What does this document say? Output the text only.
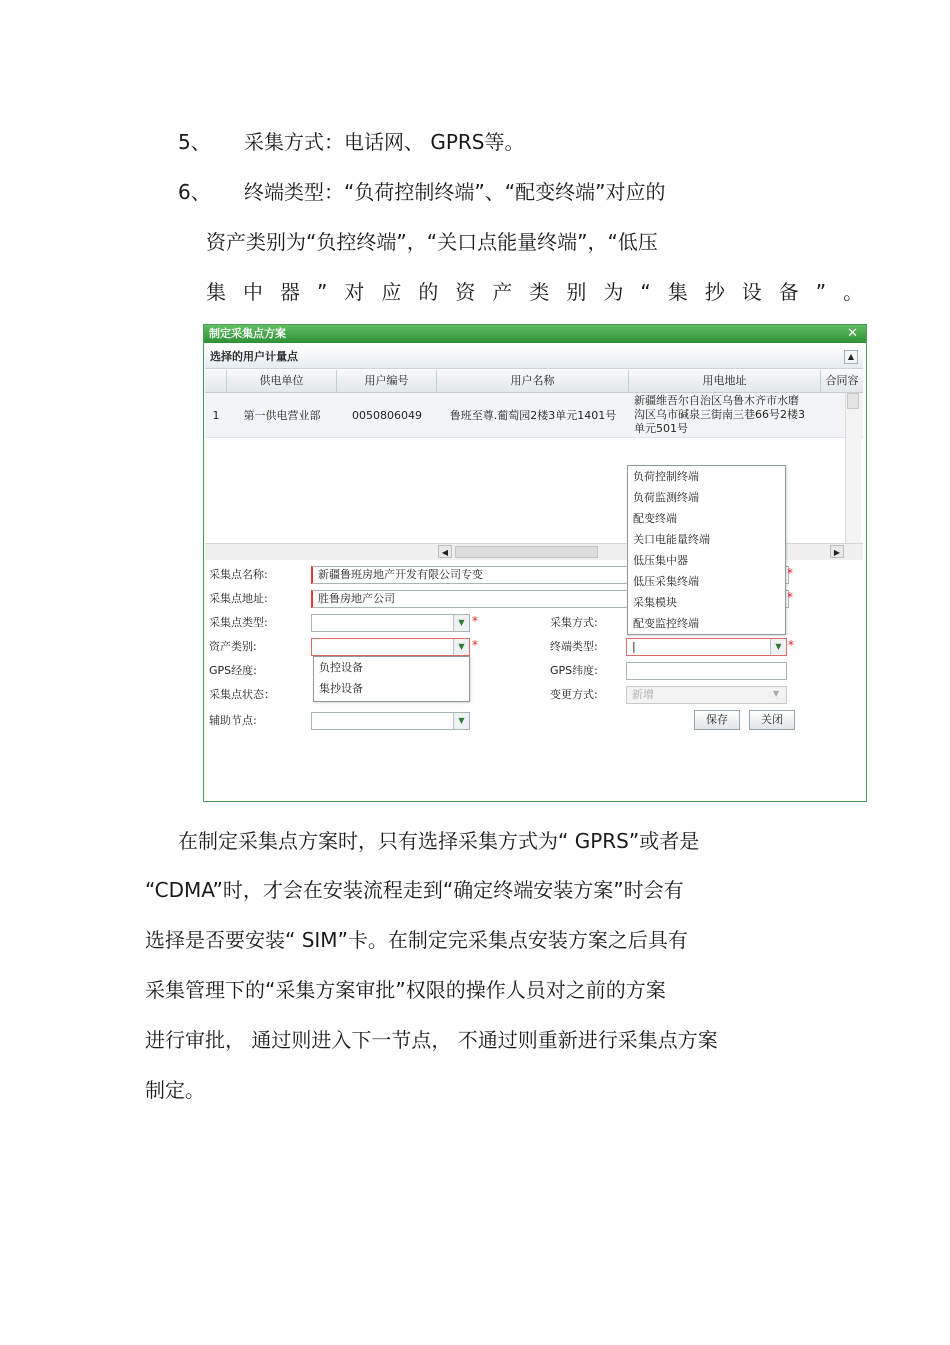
5、 采集方式：电话网、 GPRS等。
6、 终端类型：“负荷控制终端”、“配变终端”对应的
资产类别为“负控终端”，“关口点能量终端”，“低压
集中器”对应的资产类别为“集抄设备”。
制定采集点方案	✕
选择的用户计量点	▲
供电单位	用户编号	用户名称	用电地址	合同容
1	第一供电营业部	0050806049	鲁班至尊.葡萄园2楼3单元1401号
新疆维吾尔自治区乌鲁木齐市水磨
沟区乌市碱泉三街南三巷66号2楼3
单元501号
◀	▶
采集点名称:	新疆鲁班房地产开发有限公司专变	*
采集点地址:	胜鲁房地产公司	*
采集点类型:	▼ *
资产类别:	▼ *
GPS经度:
采集点状态：
辅助节点:	▼
负控设备
集抄设备
采集方式:
终端类型:	|	▼ *
GPS纬度:
变更方式:	新增	▼
保存	关闭
负荷控制终端
负荷监测终端
配变终端
关口电能量终端
低压集中器
低压采集终端
采集模块
配变监控终端
在制定采集点方案时，只有选择采集方式为“ GPRS”或者是
“CDMA”时，才会在安装流程走到“确定终端安装方案”时会有
选择是否要安装“ SIM”卡。在制定完采集点安装方案之后具有
采集管理下的“采集方案审批”权限的操作人员对之前的方案
进行审批， 通过则进入下一节点， 不通过则重新进行采集点方案
制定。
